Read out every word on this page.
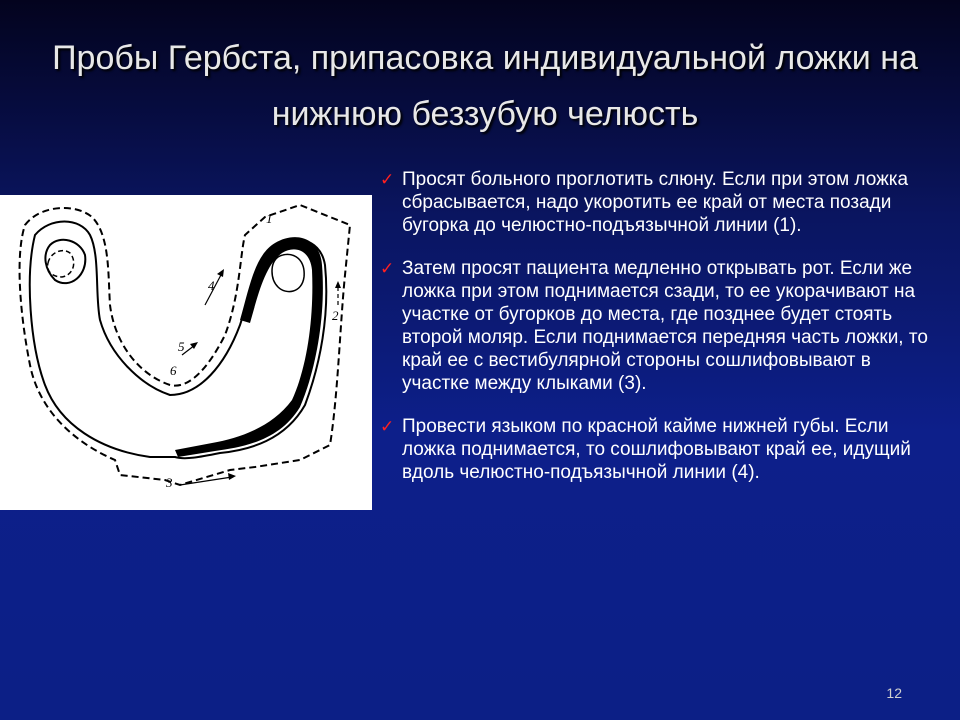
Пробы Гербста, припасовка индивидуальной ложки на нижнюю беззубую челюсть
1
2
3
4
5
6
✓ Просят больного проглотить слюну. Если при этом ложка сбрасывается, надо укоротить ее край от места позади бугорка до челюстно-подъязычной линии (1).
✓ Затем просят пациента медленно открывать рот. Если же ложка при этом поднимается сзади, то ее укорачивают на участке от бугорков до места, где позднее будет стоять второй моляр. Если поднимается передняя часть ложки, то край ее с вестибулярной стороны сошлифовывают в участке между клыками (3).
✓ Провести языком по красной кайме нижней губы. Если ложка поднимается, то сошлифовывают край ее, идущий вдоль челюстно-подъязычной линии (4).
12
